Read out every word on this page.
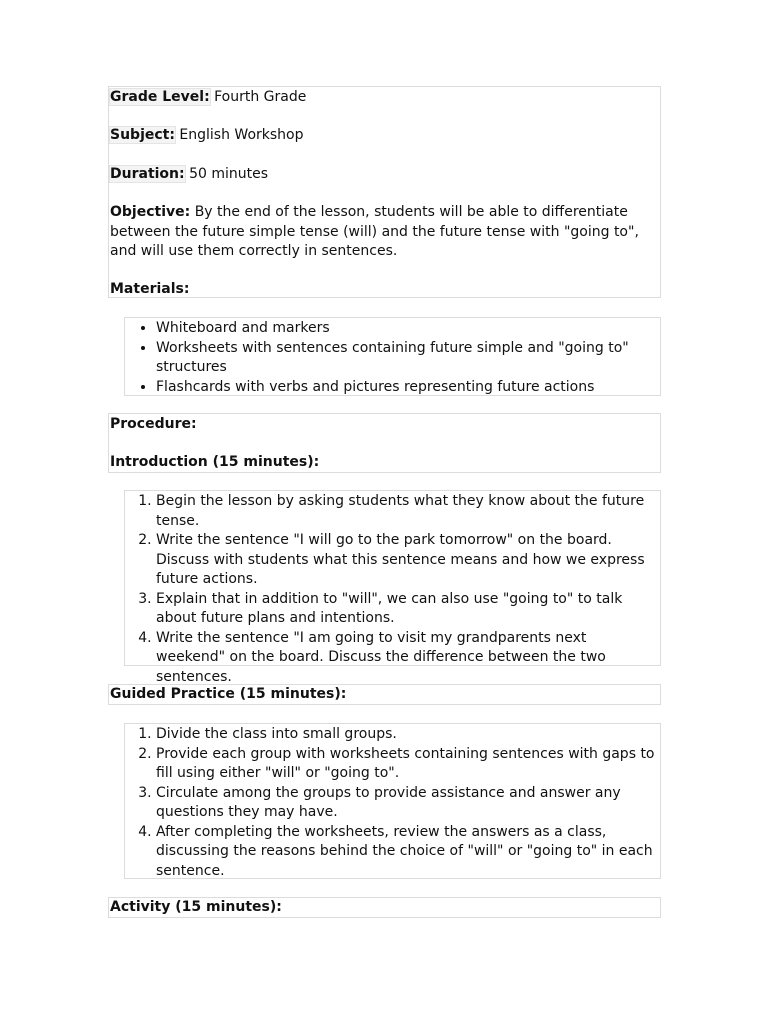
Grade Level: Fourth Grade

Subject: English Workshop

Duration: 50 minutes

Objective: By the end of the lesson, students will be able to differentiate between the future simple tense (will) and the future tense with "going to", and will use them correctly in sentences.

Materials:

• Whiteboard and markers
• Worksheets with sentences containing future simple and "going to" structures
• Flashcards with verbs and pictures representing future actions

Procedure:

Introduction (15 minutes):

1. Begin the lesson by asking students what they know about the future tense.
2. Write the sentence "I will go to the park tomorrow" on the board. Discuss with students what this sentence means and how we express future actions.
3. Explain that in addition to "will", we can also use "going to" to talk about future plans and intentions.
4. Write the sentence "I am going to visit my grandparents next weekend" on the board. Discuss the difference between the two sentences.

Guided Practice (15 minutes):

1. Divide the class into small groups.
2. Provide each group with worksheets containing sentences with gaps to fill using either "will" or "going to".
3. Circulate among the groups to provide assistance and answer any questions they may have.
4. After completing the worksheets, review the answers as a class, discussing the reasons behind the choice of "will" or "going to" in each sentence.

Activity (15 minutes):
